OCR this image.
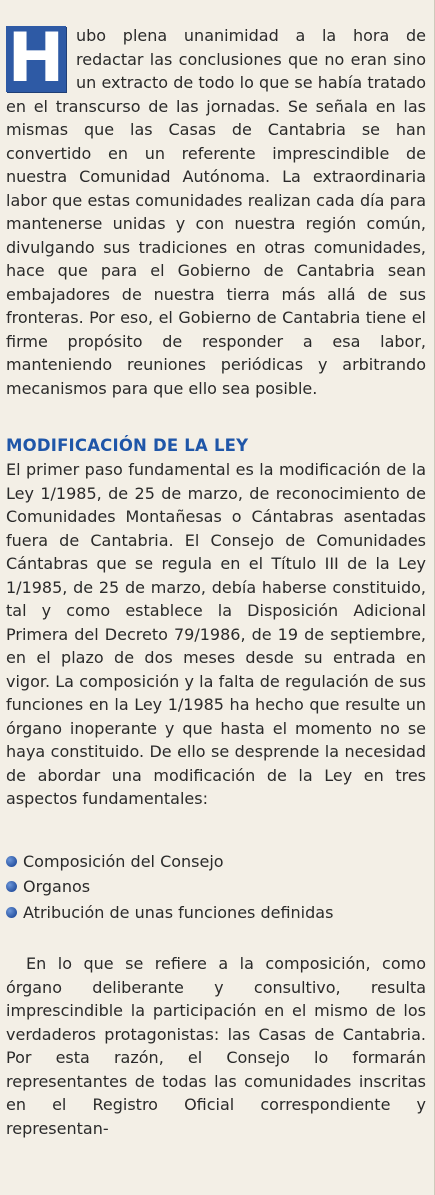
H ubo plena unanimidad a la hora de redactar las conclusiones que no eran sino un extracto de todo lo que se había tratado en el transcurso de las jornadas. Se señala en las mismas que las Casas de Cantabria se han convertido en un referente imprescindible de nuestra Comunidad Autónoma. La extraordinaria labor que estas comunidades realizan cada día para mantenerse unidas y con nuestra región común, divulgando sus tradiciones en otras comunidades, hace que para el Gobierno de Cantabria sean embajadores de nuestra tierra más allá de sus fronteras. Por eso, el Gobierno de Cantabria tiene el firme propósito de responder a esa labor, manteniendo reuniones periódicas y arbitrando mecanismos para que ello sea posible.

MODIFICACIÓN DE LA LEY

El primer paso fundamental es la modificación de la Ley 1/1985, de 25 de marzo, de reconocimiento de Comunidades Montañesas o Cántabras asentadas fuera de Cantabria. El Consejo de Comunidades Cántabras que se regula en el Título III de la Ley 1/1985, de 25 de marzo, debía haberse constituido, tal y como establece la Disposición Adicional Primera del Decreto 79/1986, de 19 de septiembre, en el plazo de dos meses desde su entrada en vigor. La composición y la falta de regulación de sus funciones en la Ley 1/1985 ha hecho que resulte un órgano inoperante y que hasta el momento no se haya constituido. De ello se desprende la necesidad de abordar una modificación de la Ley en tres aspectos fundamentales:

Composición del Consejo
Organos
Atribución de unas funciones definidas

En lo que se refiere a la composición, como órgano deliberante y consultivo, resulta imprescindible la participación en el mismo de los verdaderos protagonistas: las Casas de Cantabria. Por esta razón, el Consejo lo formarán representantes de todas las comunidades inscritas en el Registro Oficial correspondiente y representan-
